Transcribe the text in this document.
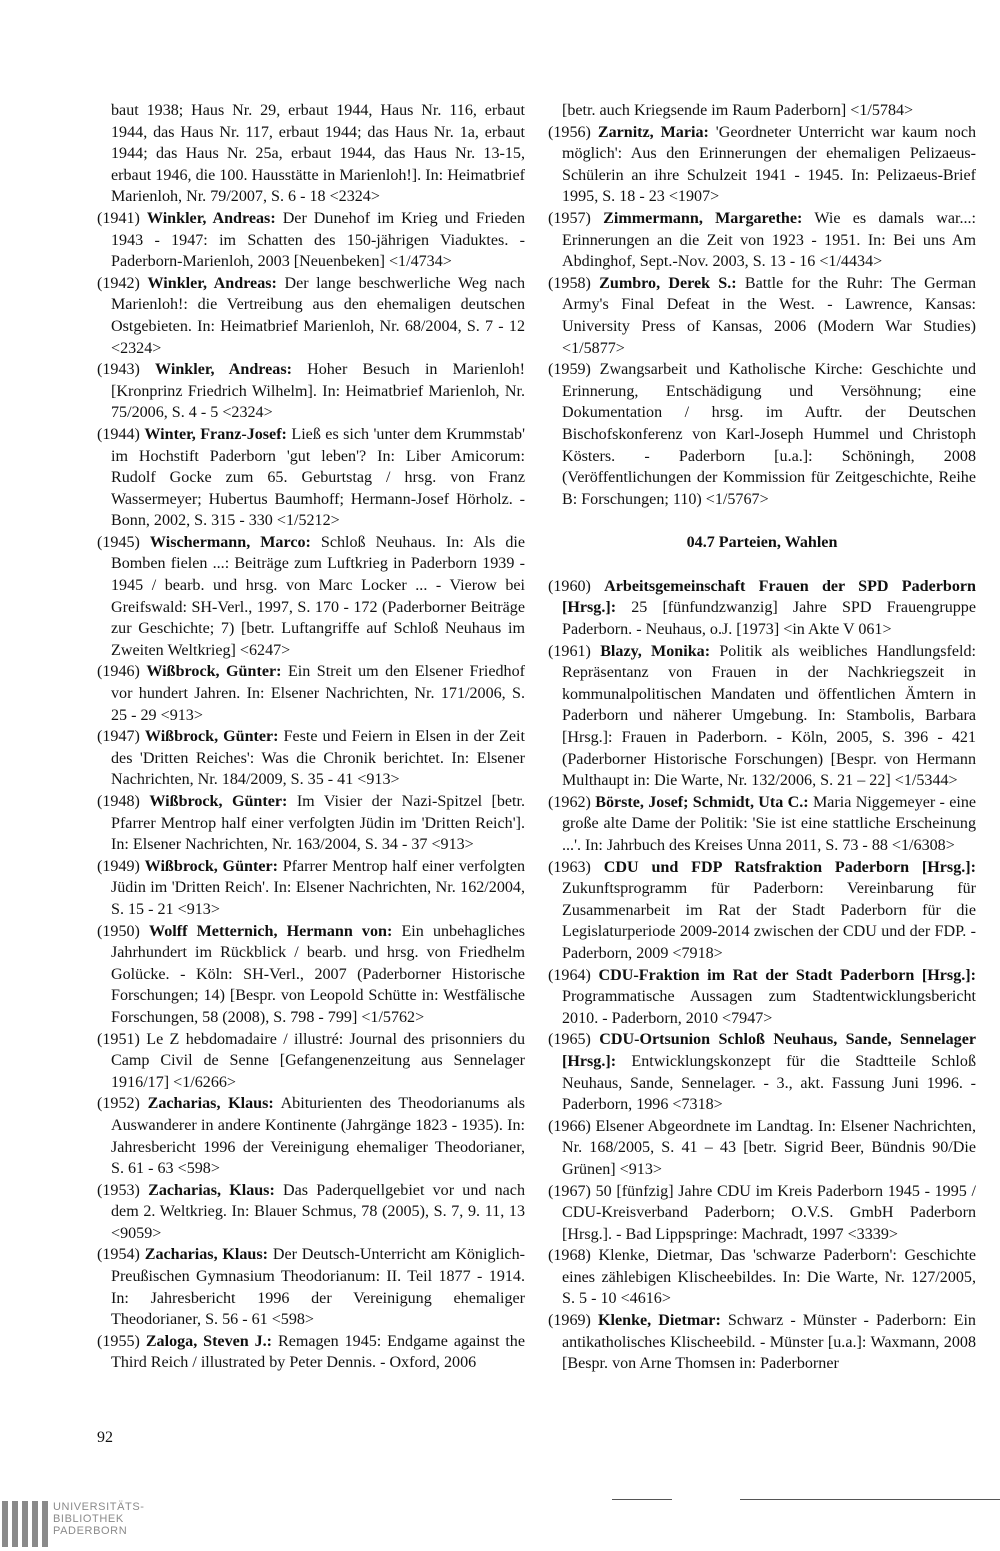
baut 1938; Haus Nr. 29, erbaut 1944, Haus Nr. 116, erbaut 1944, das Haus Nr. 117, erbaut 1944; das Haus Nr. 1a, erbaut 1944; das Haus Nr. 25a, erbaut 1944, das Haus Nr. 13-15, erbaut 1946, die 100. Hausstätte in Marienloh!]. In: Heimatbrief Marienloh, Nr. 79/2007, S. 6 - 18 <2324>
(1941) Winkler, Andreas: Der Dunehof im Krieg und Frieden 1943 - 1947: im Schatten des 150-jährigen Viaduktes. - Paderborn-Marienloh, 2003 [Neuenbeken] <1/4734>
(1942) Winkler, Andreas: Der lange beschwerliche Weg nach Marienloh!: die Vertreibung aus den ehemaligen deutschen Ostgebieten. In: Heimatbrief Marienloh, Nr. 68/2004, S. 7 - 12 <2324>
(1943) Winkler, Andreas: Hoher Besuch in Marienloh! [Kronprinz Friedrich Wilhelm]. In: Heimatbrief Marienloh, Nr. 75/2006, S. 4 - 5 <2324>
(1944) Winter, Franz-Josef: Ließ es sich 'unter dem Krummstab' im Hochstift Paderborn 'gut leben'? In: Liber Amicorum: Rudolf Gocke zum 65. Geburtstag / hrsg. von Franz Wassermeyer; Hubertus Baumhoff; Hermann-Josef Hörholz. - Bonn, 2002, S. 315 - 330 <1/5212>
(1945) Wischermann, Marco: Schloß Neuhaus. In: Als die Bomben fielen ...: Beiträge zum Luftkrieg in Paderborn 1939 - 1945 / bearb. und hrsg. von Marc Locker ... - Vierow bei Greifswald: SH-Verl., 1997, S. 170 - 172 (Paderborner Beiträge zur Geschichte; 7) [betr. Luftangriffe auf Schloß Neuhaus im Zweiten Weltkrieg] <6247>
(1946) Wißbrock, Günter: Ein Streit um den Elsener Friedhof vor hundert Jahren. In: Elsener Nachrichten, Nr. 171/2006, S. 25 - 29 <913>
(1947) Wißbrock, Günter: Feste und Feiern in Elsen in der Zeit des 'Dritten Reiches': Was die Chronik berichtet. In: Elsener Nachrichten, Nr. 184/2009, S. 35 - 41 <913>
(1948) Wißbrock, Günter: Im Visier der Nazi-Spitzel [betr. Pfarrer Mentrop half einer verfolgten Jüdin im 'Dritten Reich']. In: Elsener Nachrichten, Nr. 163/2004, S. 34 - 37 <913>
(1949) Wißbrock, Günter: Pfarrer Mentrop half einer verfolgten Jüdin im 'Dritten Reich'. In: Elsener Nachrichten, Nr. 162/2004, S. 15 - 21 <913>
(1950) Wolff Metternich, Hermann von: Ein unbehagliches Jahrhundert im Rückblick / bearb. und hrsg. von Friedhelm Golücke. - Köln: SH-Verl., 2007 (Paderborner Historische Forschungen; 14) [Bespr. von Leopold Schütte in: Westfälische Forschungen, 58 (2008), S. 798 - 799] <1/5762>
(1951) Le Z hebdomadaire / illustré: Journal des prisonniers du Camp Civil de Senne [Gefangenenzeitung aus Sennelager 1916/17] <1/6266>
(1952) Zacharias, Klaus: Abiturienten des Theodorianums als Auswanderer in andere Kontinente (Jahrgänge 1823 - 1935). In: Jahresbericht 1996 der Vereinigung ehemaliger Theodorianer, S. 61 - 63 <598>
(1953) Zacharias, Klaus: Das Paderquellgebiet vor und nach dem 2. Weltkrieg. In: Blauer Schmus, 78 (2005), S. 7, 9. 11, 13 <9059>
(1954) Zacharias, Klaus: Der Deutsch-Unterricht am Königlich-Preußischen Gymnasium Theodorianum: II. Teil 1877 - 1914. In: Jahresbericht 1996 der Vereinigung ehemaliger Theodorianer, S. 56 - 61 <598>
(1955) Zaloga, Steven J.: Remagen 1945: Endgame against the Third Reich / illustrated by Peter Dennis. - Oxford, 2006
[betr. auch Kriegsende im Raum Paderborn] <1/5784>
(1956) Zarnitz, Maria: 'Geordneter Unterricht war kaum noch möglich': Aus den Erinnerungen der ehemaligen Pelizaeus-Schülerin an ihre Schulzeit 1941 - 1945. In: Pelizaeus-Brief 1995, S. 18 - 23 <1907>
(1957) Zimmermann, Margarethe: Wie es damals war...: Erinnerungen an die Zeit von 1923 - 1951. In: Bei uns Am Abdinghof, Sept.-Nov. 2003, S. 13 - 16 <1/4434>
(1958) Zumbro, Derek S.: Battle for the Ruhr: The German Army's Final Defeat in the West. - Lawrence, Kansas: University Press of Kansas, 2006 (Modern War Studies) <1/5877>
(1959) Zwangsarbeit und Katholische Kirche: Geschichte und Erinnerung, Entschädigung und Versöhnung; eine Dokumentation / hrsg. im Auftr. der Deutschen Bischofskonferenz von Karl-Joseph Hummel und Christoph Kösters. - Paderborn [u.a.]: Schöningh, 2008 (Veröffentlichungen der Kommission für Zeitgeschichte, Reihe B: Forschungen; 110) <1/5767>
04.7 Parteien, Wahlen
(1960) Arbeitsgemeinschaft Frauen der SPD Paderborn [Hrsg.]: 25 [fünfundzwanzig] Jahre SPD Frauengruppe Paderborn. - Neuhaus, o.J. [1973] <in Akte V 061>
(1961) Blazy, Monika: Politik als weibliches Handlungsfeld: Repräsentanz von Frauen in der Nachkriegszeit in kommunalpolitischen Mandaten und öffentlichen Ämtern in Paderborn und näherer Umgebung. In: Stambolis, Barbara [Hrsg.]: Frauen in Paderborn. - Köln, 2005, S. 396 - 421 (Paderborner Historische Forschungen) [Bespr. von Hermann Multhaupt in: Die Warte, Nr. 132/2006, S. 21 – 22] <1/5344>
(1962) Börste, Josef; Schmidt, Uta C.: Maria Niggemeyer - eine große alte Dame der Politik: 'Sie ist eine stattliche Erscheinung ...'. In: Jahrbuch des Kreises Unna 2011, S. 73 - 88 <1/6308>
(1963) CDU und FDP Ratsfraktion Paderborn [Hrsg.]: Zukunftsprogramm für Paderborn: Vereinbarung für Zusammenarbeit im Rat der Stadt Paderborn für die Legislaturperiode 2009-2014 zwischen der CDU und der FDP. - Paderborn, 2009 <7918>
(1964) CDU-Fraktion im Rat der Stadt Paderborn [Hrsg.]: Programmatische Aussagen zum Stadtentwicklungsbericht 2010. - Paderborn, 2010 <7947>
(1965) CDU-Ortsunion Schloß Neuhaus, Sande, Sennelager [Hrsg.]: Entwicklungskonzept für die Stadtteile Schloß Neuhaus, Sande, Sennelager. - 3., akt. Fassung Juni 1996. - Paderborn, 1996 <7318>
(1966) Elsener Abgeordnete im Landtag. In: Elsener Nachrichten, Nr. 168/2005, S. 41 – 43 [betr. Sigrid Beer, Bündnis 90/Die Grünen] <913>
(1967) 50 [fünfzig] Jahre CDU im Kreis Paderborn 1945 - 1995 / CDU-Kreisverband Paderborn; O.V.S. GmbH Paderborn [Hrsg.]. - Bad Lippspringe: Machradt, 1997 <3339>
(1968) Klenke, Dietmar, Das 'schwarze Paderborn': Geschichte eines zählebigen Klischeebildes. In: Die Warte, Nr. 127/2005, S. 5 - 10 <4616>
(1969) Klenke, Dietmar: Schwarz - Münster - Paderborn: Ein antikatholisches Klischeebild. - Münster [u.a.]: Waxmann, 2008 [Bespr. von Arne Thomsen in: Paderborner
92
UNIVERSITÄTS-
BIBLIOTHEK
PADERBORN
